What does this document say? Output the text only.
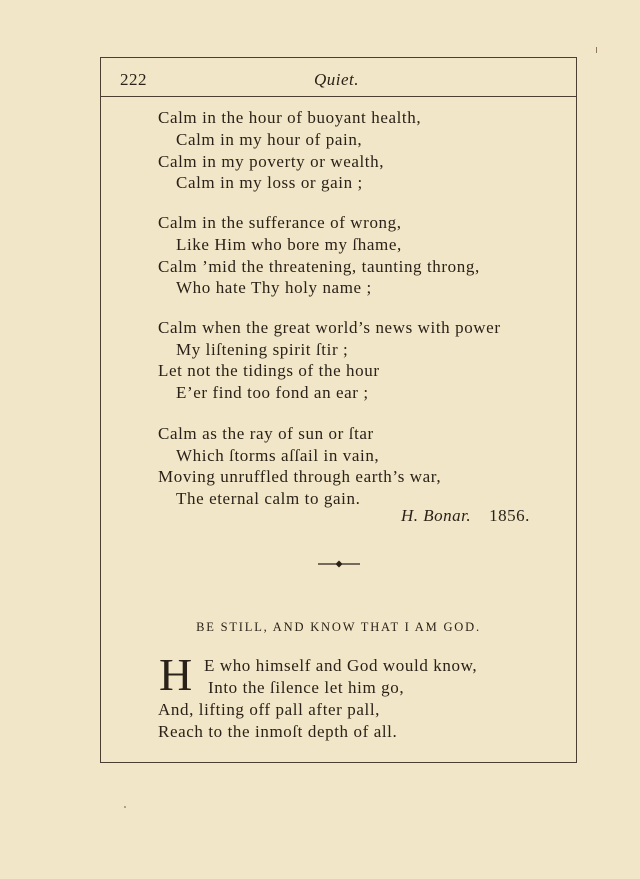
222	Quiet.
Calm in the hour of buoyant health,
Calm in my hour of pain,
Calm in my poverty or wealth,
Calm in my loss or gain ;
Calm in the sufferance of wrong,
Like Him who bore my ſhame,
Calm ’mid the threatening, taunting throng,
Who hate Thy holy name ;
Calm when the great world’s news with power
My liſtening spirit ſtir ;
Let not the tidings of the hour
E’er find too fond an ear ;
Calm as the ray of sun or ſtar
Which ſtorms aſſail in vain,
Moving unruffled through earth’s war,
The eternal calm to gain.
H. Bonar. 1856.
BE STILL, AND KNOW THAT I AM GOD.
H E who himself and God would know,
Into the ſilence let him go,
And, lifting off pall after pall,
Reach to the inmoſt depth of all.
